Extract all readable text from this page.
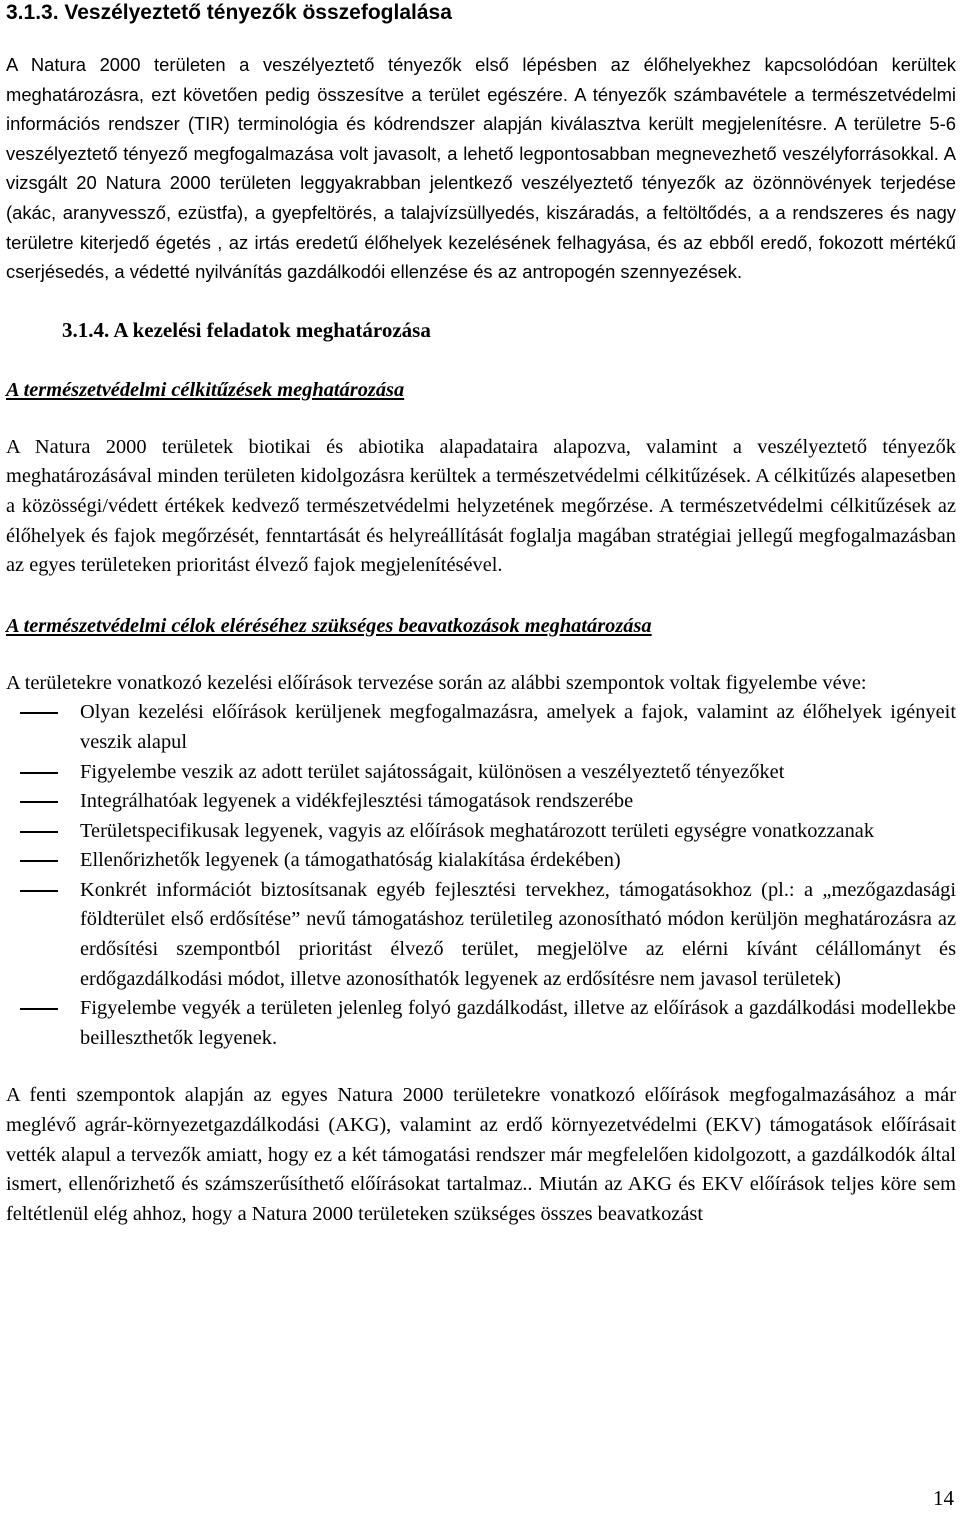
3.1.3. Veszélyeztető tényezők összefoglalása

A Natura 2000 területen a veszélyeztető tényezők első lépésben az élőhelyekhez kapcsolódóan kerültek meghatározásra, ezt követően pedig összesítve a terület egészére. A tényezők számbavétele a természetvédelmi információs rendszer (TIR) terminológia és kódrendszer alapján kiválasztva került megjelenítésre. A területre 5-6 veszélyeztető tényező megfogalmazása volt javasolt, a lehető legpontosabban megnevezhető veszélyforrásokkal. A vizsgált 20 Natura 2000 területen leggyakrabban jelentkező veszélyeztető tényezők az özönnövények terjedése (akác, aranyvessző, ezüstfa), a gyepfeltörés, a talajvízsüllyedés, kiszáradás, a feltöltődés, a a rendszeres és nagy területre kiterjedő égetés , az irtás eredetű élőhelyek kezelésének felhagyása, és az ebből eredő, fokozott mértékű cserjésedés, a védetté nyilvánítás gazdálkodói ellenzése és az antropogén szennyezések.

3.1.4. A kezelési feladatok meghatározása
A természetvédelmi célkitűzések meghatározása

A Natura 2000 területek biotikai és abiotika alapadataira alapozva, valamint a veszélyeztető tényezők meghatározásával minden területen kidolgozásra kerültek a természetvédelmi célkitűzések. A célkitűzés alapesetben a közösségi/védett értékek kedvező természetvédelmi helyzetének megőrzése. A természetvédelmi célkitűzések az élőhelyek és fajok megőrzését, fenntartását és helyreállítását foglalja magában stratégiai jellegű megfogalmazásban az egyes területeken prioritást élvező fajok megjelenítésével.

A természetvédelmi célok eléréséhez szükséges beavatkozások meghatározása

A területekre vonatkozó kezelési előírások tervezése során az alábbi szempontok voltak figyelembe véve:

Olyan kezelési előírások kerüljenek megfogalmazásra, amelyek a fajok, valamint az élőhelyek igényeit veszik alapul
Figyelembe veszik az adott terület sajátosságait, különösen a veszélyeztető tényezőket
Integrálhatóak legyenek a vidékfejlesztési támogatások rendszerébe
Területspecifikusak legyenek, vagyis az előírások meghatározott területi egységre vonatkozzanak
Ellenőrizhetők legyenek (a támogathatóság kialakítása érdekében)
Konkrét információt biztosítsanak egyéb fejlesztési tervekhez, támogatásokhoz (pl.: a „mezőgazdasági földterület első erdősítése” nevű támogatáshoz területileg azonosítható módon kerüljön meghatározásra az erdősítési szempontból prioritást élvező terület, megjelölve az elérni kívánt célállományt és erdőgazdálkodási módot, illetve azonosíthatók legyenek az erdősítésre nem javasol területek)
Figyelembe vegyék a területen jelenleg folyó gazdálkodást, illetve az előírások a gazdálkodási modellekbe beilleszthetők legyenek.

A fenti szempontok alapján az egyes Natura 2000 területekre vonatkozó előírások megfogalmazásához a már meglévő agrár-környezetgazdálkodási (AKG), valamint az erdő környezetvédelmi (EKV) támogatások előírásait vették alapul a tervezők amiatt, hogy ez a két támogatási rendszer már megfelelően kidolgozott, a gazdálkodók által ismert, ellenőrizhető és számszerűsíthető előírásokat tartalmaz.. Miután az AKG és EKV előírások teljes köre sem feltétlenül elég ahhoz, hogy a Natura 2000 területeken szükséges összes beavatkozást

14
